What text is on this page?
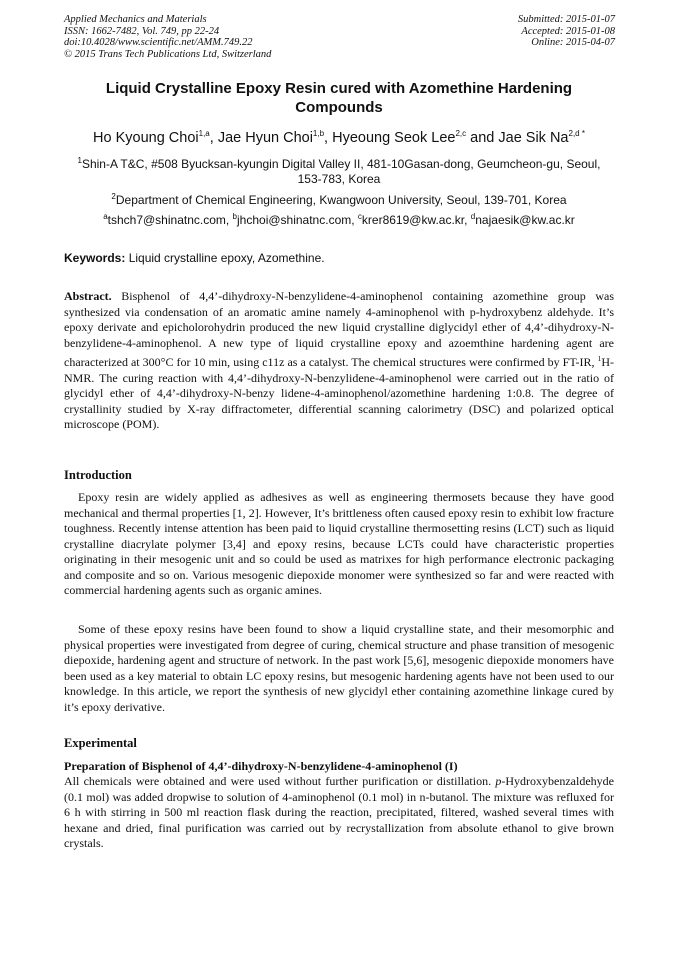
Applied Mechanics and Materials
ISSN: 1662-7482, Vol. 749, pp 22-24
doi:10.4028/www.scientific.net/AMM.749.22
© 2015 Trans Tech Publications Ltd, Switzerland
Submitted: 2015-01-07
Accepted: 2015-01-08
Online: 2015-04-07
Liquid Crystalline Epoxy Resin cured with Azomethine Hardening Compounds
Ho Kyoung Choi$^{1,a}$, Jae Hyun Choi$^{1,b}$, Hyeoung Seok Lee$^{2,c}$ and Jae Sik $Na^{2,d *}$
$^1$Shin-A T&C, #508 Byucksan-kyungin Digital Valley II, 481-10Gasan-dong, Geumcheon-gu, Seoul, 153-783, Korea
$^2$Department of Chemical Engineering, Kwangwoon University, Seoul, 139-701, Korea
$^a$tshch7@shinatnc.com, $^b$jhchoi@shinatnc.com, $^c$krer8619@kw.ac.kr, $^d$najaesik@kw.ac.kr
Keywords: Liquid crystalline epoxy, Azomethine.
Abstract. Bisphenol of 4,4’-dihydroxy-N-benzylidene-4-aminophenol containing azomethine group was synthesized via condensation of an aromatic amine namely 4-aminophenol with p-hydroxybenz aldehyde. It’s epoxy derivate and epicholorohydrin produced the new liquid crystalline diglycidyl ether of 4,4’-dihydroxy-N-benzylidene-4-aminophenol. A new type of liquid crystalline epoxy and azoemthine hardening agent are characterized at 300°C for 10 min, using c11z as a catalyst. The chemical structures were confirmed by FT-IR, $^1$H-NMR. The curing reaction with 4,4’-dihydroxy-N-benzylidene-4-aminophenol were carried out in the ratio of glycidyl ether of 4,4’-dihydroxy-N-benzy lidene-4-aminophenol/azomethine hardening 1:0.8. The degree of crystallinity studied by X-ray diffractometer, differential scanning calorimetry (DSC) and polarized optical microscope (POM).
Introduction
Epoxy resin are widely applied as adhesives as well as engineering thermosets because they have good mechanical and thermal properties [1, 2]. However, It’s brittleness often caused epoxy resin to exhibit low fracture toughness. Recently intense attention has been paid to liquid crystalline thermosetting resins (LCT) such as liquid crystalline diacrylate polymer [3,4] and epoxy resins, because LCTs could have characteristic properties originating in their mesogenic unit and so could be used as matrixes for high performance electronic packaging and composite and so on. Various mesogenic diepoxide monomer were synthesized so far and were reacted with commercial hardening agents such as organic amines.
Some of these epoxy resins have been found to show a liquid crystalline state, and their mesomorphic and physical properties were investigated from degree of curing, chemical structure and phase transition of mesogenic diepoxide, hardening agent and structure of network. In the past work [5,6], mesogenic diepoxide monomers have been used as a key material to obtain LC epoxy resins, but mesogenic hardening agents have not been used to our knowledge. In this article, we report the synthesis of new glycidyl ether containing azomethine linkage cured by it’s epoxy derivative.
Experimental
Preparation of Bisphenol of 4,4’-dihydroxy-N-benzylidene-4-aminophenol (I)
All chemicals were obtained and were used without further purification or distillation. p-Hydroxybenzaldehyde (0.1 mol) was added dropwise to solution of 4-aminophenol (0.1 mol) in n-butanol. The mixture was refluxed for 6 h with stirring in 500 ml reaction flask during the reaction, precipitated, filtered, washed several times with hexane and dried, final purification was carried out by recrystallization from absolute ethanol to give brown crystals.
